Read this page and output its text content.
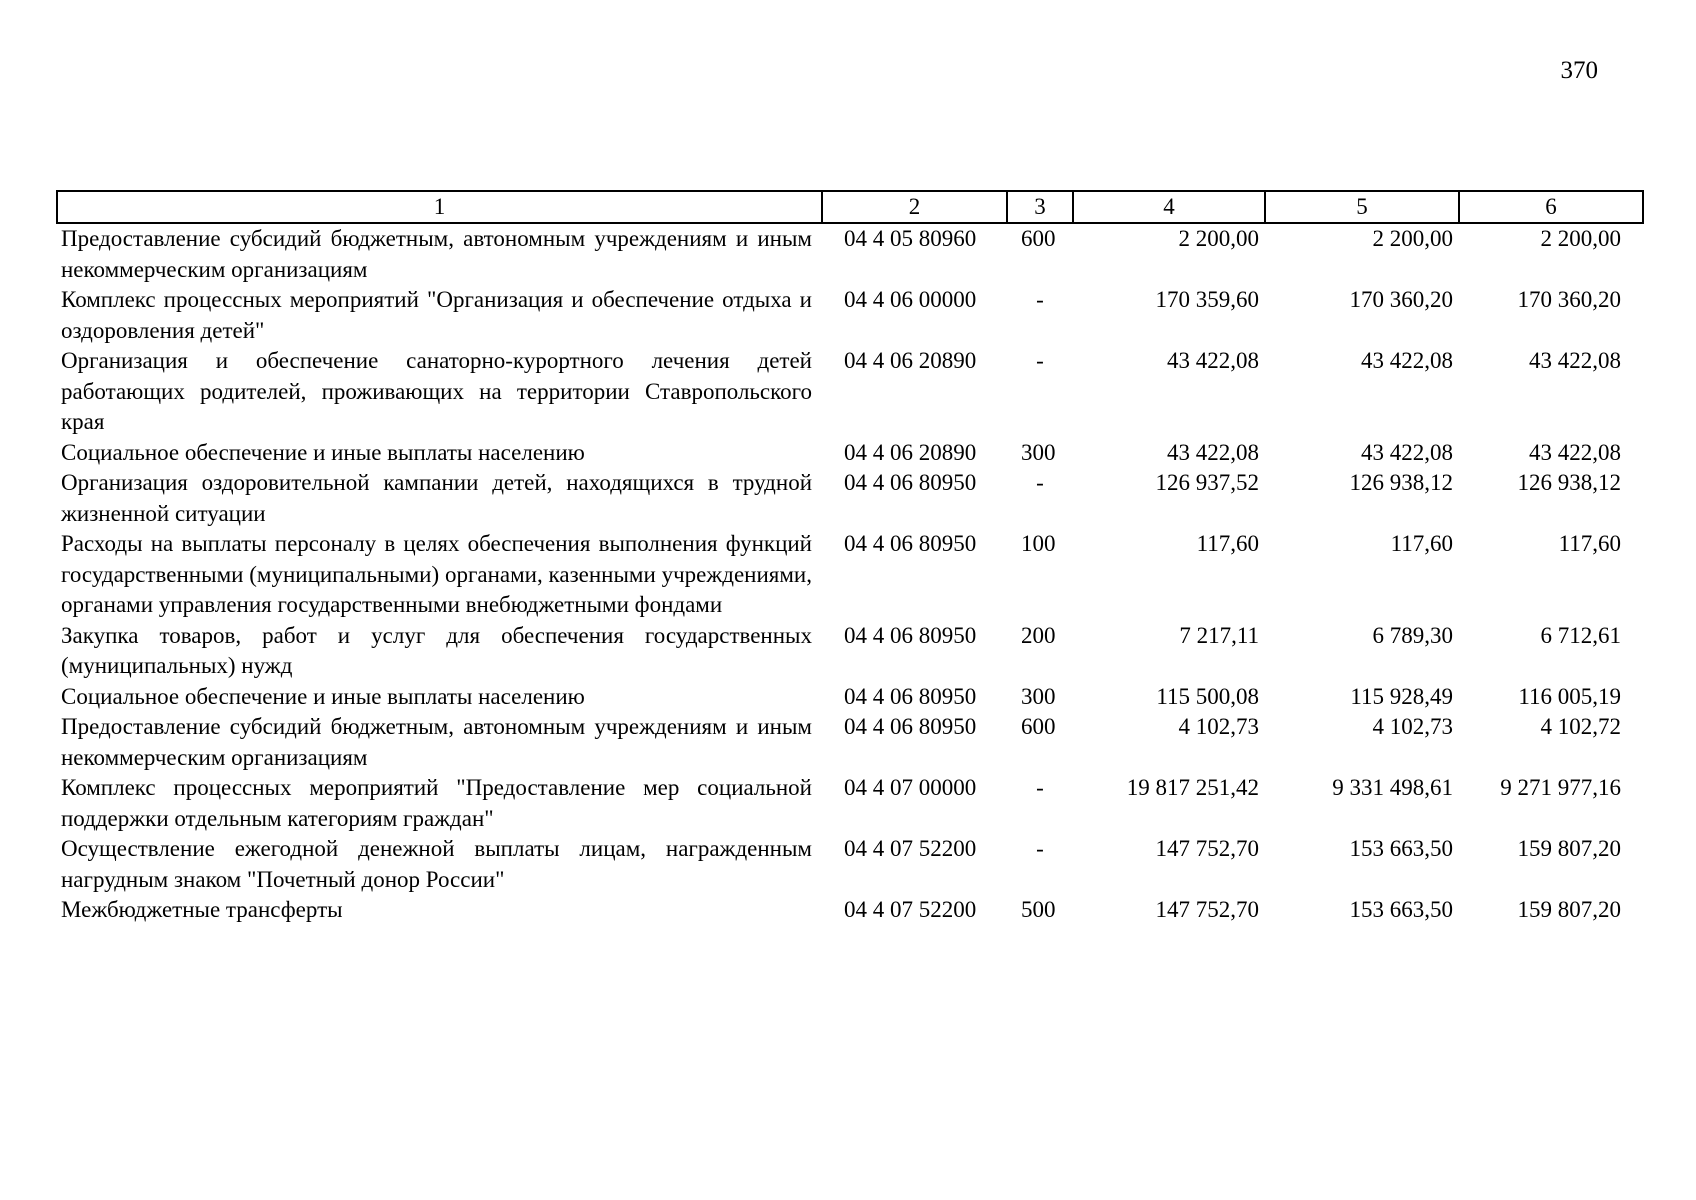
370
1	2	3	4	5	6
Предоставление субсидий бюджетным, автономным учреждениям и иным некоммерческим организациям	04 4 05 80960	600	2 200,00	2 200,00	2 200,00
Комплекс процессных мероприятий "Организация и обеспечение отдыха и оздоровления детей"	04 4 06 00000	-	170 359,60	170 360,20	170 360,20
Организация и обеспечение санаторно-курортного лечения детей работающих родителей, проживающих на территории Ставропольского края	04 4 06 20890	-	43 422,08	43 422,08	43 422,08
Социальное обеспечение и иные выплаты населению	04 4 06 20890	300	43 422,08	43 422,08	43 422,08
Организация оздоровительной кампании детей, находящихся в трудной жизненной ситуации	04 4 06 80950	-	126 937,52	126 938,12	126 938,12
Расходы на выплаты персоналу в целях обеспечения выполнения функций государственными (муниципальными) органами, казенными учреждениями, органами управления государственными внебюджетными фондами	04 4 06 80950	100	117,60	117,60	117,60
Закупка товаров, работ и услуг для обеспечения государственных (муниципальных) нужд	04 4 06 80950	200	7 217,11	6 789,30	6 712,61
Социальное обеспечение и иные выплаты населению	04 4 06 80950	300	115 500,08	115 928,49	116 005,19
Предоставление субсидий бюджетным, автономным учреждениям и иным некоммерческим организациям	04 4 06 80950	600	4 102,73	4 102,73	4 102,72
Комплекс процессных мероприятий "Предоставление мер социальной поддержки отдельным категориям граждан"	04 4 07 00000	-	19 817 251,42	9 331 498,61	9 271 977,16
Осуществление ежегодной денежной выплаты лицам, награжденным нагрудным знаком "Почетный донор России"	04 4 07 52200	-	147 752,70	153 663,50	159 807,20
Межбюджетные трансферты	04 4 07 52200	500	147 752,70	153 663,50	159 807,20
